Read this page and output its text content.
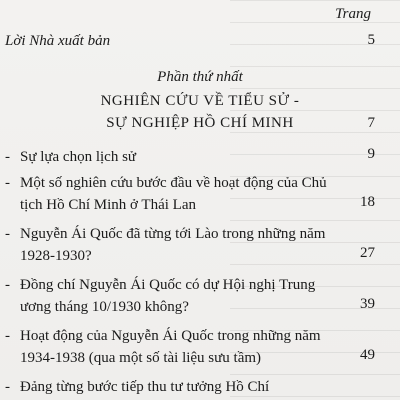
Trang
Lời Nhà xuất bản	5
Phần thứ nhất
NGHIÊN CỨU VỀ TIỂU SỬ -
SỰ NGHIỆP HỒ CHÍ MINH	7
- Sự lựa chọn lịch sử	9
- Một số nghiên cứu bước đầu về hoạt động của Chủ tịch Hồ Chí Minh ở Thái Lan	18
- Nguyễn Ái Quốc đã từng tới Lào trong những năm 1928-1930?	27
- Đồng chí Nguyễn Ái Quốc có dự Hội nghị Trung ương tháng 10/1930 không?	39
- Hoạt động của Nguyễn Ái Quốc trong những năm 1934-1938 (qua một số tài liệu sưu tầm)	49
- Đảng từng bước tiếp thu tư tưởng Hồ Chí
